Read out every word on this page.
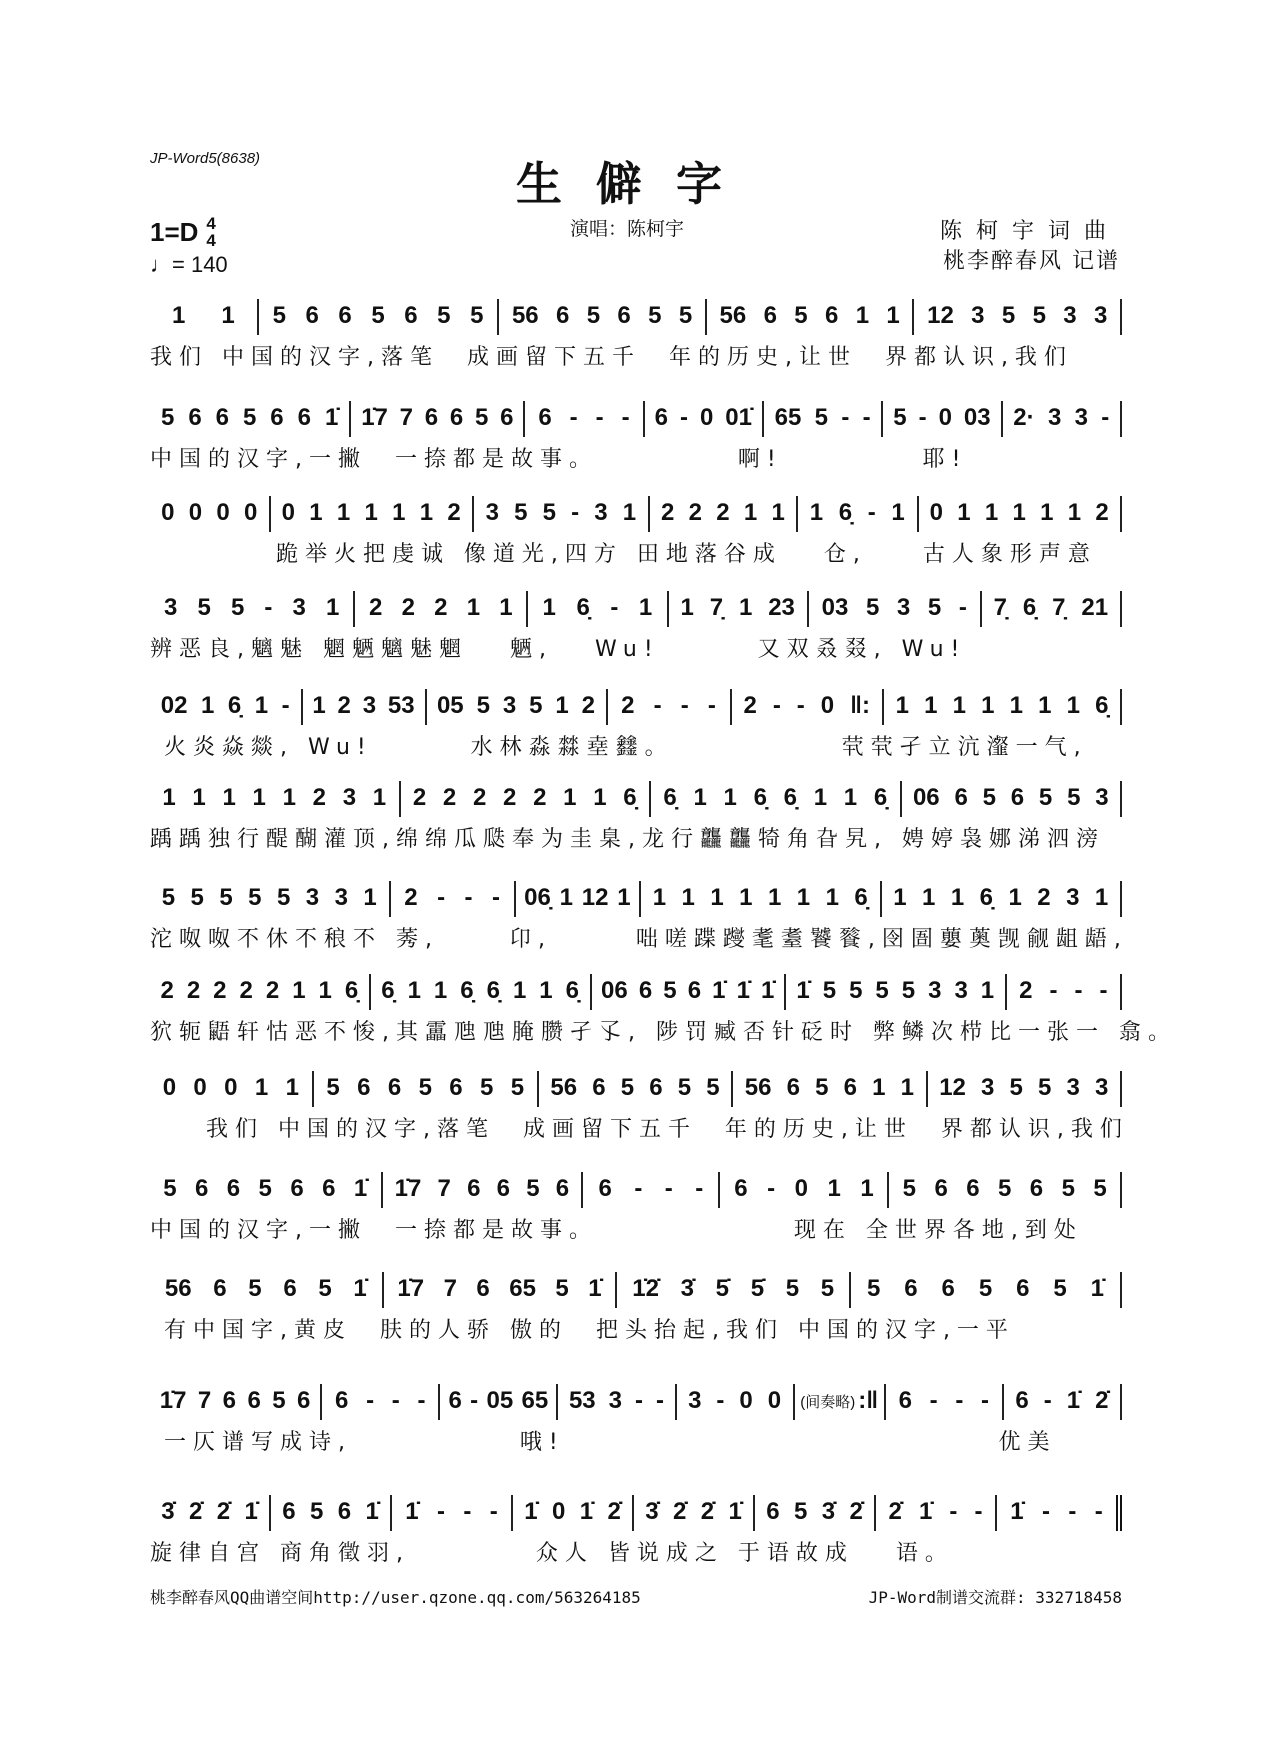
JP-Word5(8638)	生僻字
1=D 4
4
♩= 140
演唱：陈柯宇	陈柯宇词曲
桃李醉春风 记谱
1 1 5 6 6 5 6 5 5 56 6 5 6 5 5 56 6 5 6 1 1 12 3 5 5 3 3
我们 中国的汉字,落笔  成画留下五千  年的历史,让世  界都认识,我们
5 6 6 5 6 6 1̇ 1̇7 7 6 6 5 6 6 - - - 6 - 0 01̇ 65 5 - - 5 - 0 03 2· 3 3 -
中国的汉字,一撇  一捺都是故事。          啊!          耶!
0 0 0 0 0 1 1 1 1 1 2 3 5 5 - 3 1 2 2 2 1 1 1 6̣ - 1 0 1 1 1 1 1 2
跪举火把虔诚 像道光,四方 田地落谷成   仓,    古人象形声意
3 5 5 - 3 1 2 2 2 1 1 1 6̣ - 1 1 7̣ 1 23 03 5 3 5 - 7̣ 6̣ 7̣ 21
辨恶良,魑魅 魍魉魑魅魍   魉,   Wu!       又双叒叕, Wu!
02 1 6̣ 1 - 1 2 3 53 05 5 3 5 1 2 2 - - - 2 - - 0 ‖: 1 1 1 1 1 1 1 6̣
火炎焱燚, Wu!       水林淼㵘㙓𨰻。            茕茕孑立沆瀣一气,
1 1 1 1 1 2 3 1 2 2 2 2 2 1 1 6̣ 6̣ 1 1 6̣ 6̣ 1 1 6̣ 06 6 5 6 5 5 3
踽踽独行醍醐灌顶,绵绵瓜瓞奉为圭臬,龙行龘龘犄角旮旯, 娉婷袅娜涕泗滂
5 5 5 5 5 3 3 1 2 - - - 06̣ 1 12 1 1 1 1 1 1 1 1 6̣ 1 1 1 6̣ 1 2 3 1
沱呶呶不休不稂不 莠,     卬,      咄嗟蹀躞耄耋饕餮,囹圄蘡薁觊觎龃龉,
2 2 2 2 2 1 1 6̣ 6̣ 1 1 6̣ 6̣ 1 1 6̣ 06 6 5 6 1̇ 1̇ 1̇ 1̇ 5 5 5 5 3 3 1 2 - - -
狖轭鼯轩怙恶不悛,其靁虺虺腌臜孑孓, 陟罚臧否针砭时 弊鳞次栉比一张一 翕。
0 0 0 1 1 5 6 6 5 6 5 5 56 6 5 6 5 5 56 6 5 6 1 1 12 3 5 5 3 3
我们 中国的汉字,落笔  成画留下五千  年的历史,让世  界都认识,我们
5 6 6 5 6 6 1̇ 1̇7 7 6 6 5 6 6 - - - 6 - 0 1 1 5 6 6 5 6 5 5
中国的汉字,一撇  一捺都是故事。              现在 全世界各地,到处
56 6 5 6 5 1̇ 1̇7 7 6 65 5 1̇ 1̇2̇ 3̇ 5̇ 5̇ 5 5 5 6 6 5 6 5 1̇
有中国字,黄皮  肤的人骄 傲的  把头抬起,我们 中国的汉字,一平
1̇7 7 6 6 5 6 6 - - - 6 - 05 65 53 3 - - 3 - 0 0 (间奏略) :‖ 6 - - - 6 - 1̇ 2̇
一仄谱写成诗,            哦!                               优美
3̇ 2̇ 2̇ 1̇ 6 5 6 1̇ 1̇ - - - 1̇ 0 1̇ 2̇ 3̇ 2̇ 2̇ 1̇ 6 5 3̇ 2̇ 2̇ 1̇ - - 1̇ - - -
旋律自宫 商角徵羽,         众人 皆说成之 于语故成   语。
桃李醉春风QQ曲谱空间http://user.qzone.qq.com/563264185	JP-Word制谱交流群: 332718458
